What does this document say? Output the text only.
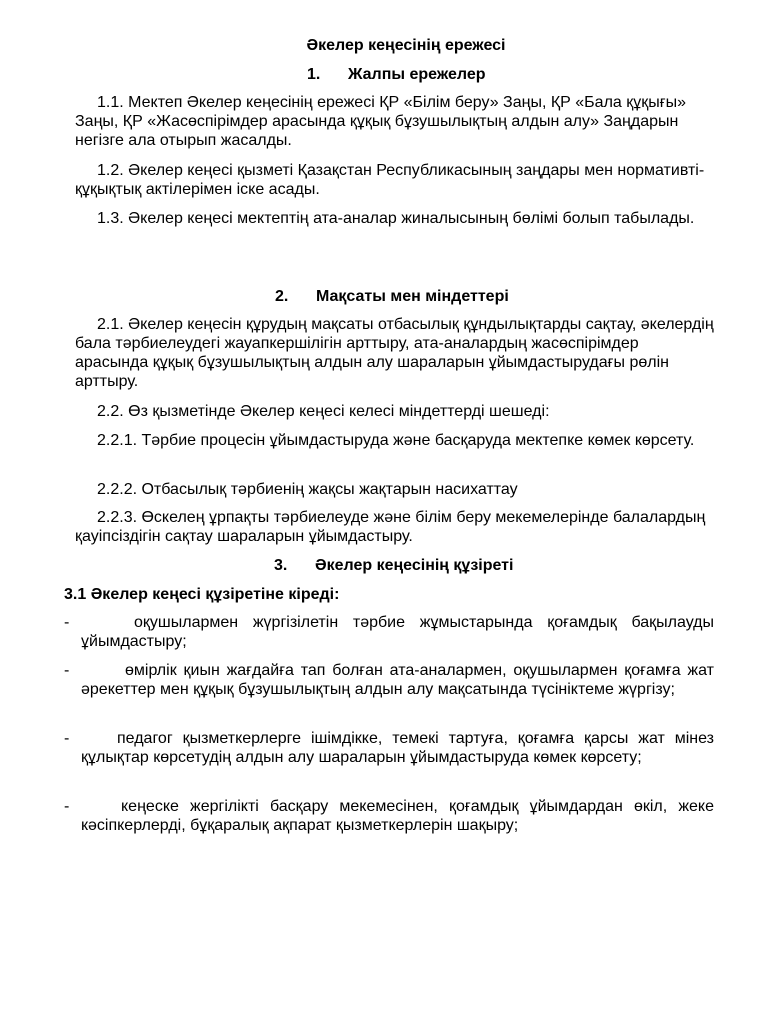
Әкелер кеңесінің ережесі
1. Жалпы ережелер
1.1. Мектеп Әкелер кеңесінің ережесі ҚР «Білім беру» Заңы, ҚР «Бала құқығы» Заңы, ҚР «Жасөспірімдер арасында құқық бұзушылықтың алдын алу» Заңдарын негізге ала отырып жасалды.
1.2. Әкелер кеңесі қызметі Қазақстан Республикасының заңдары мен нормативті-құқықтық актілерімен іске асады.
1.3. Әкелер кеңесі мектептің ата-аналар жиналысының бөлімі болып табылады.
2. Мақсаты мен міндеттері
2.1. Әкелер кеңесін құрудың мақсаты отбасылық құндылықтарды сақтау, әкелердің бала тәрбиелеудегі жауапкершілігін арттыру, ата-аналардың жасөспірімдер арасында құқық бұзушылықтың алдын алу шараларын ұйымдастырудағы рөлін арттыру.
2.2. Өз қызметінде Әкелер кеңесі келесі міндеттерді шешеді:
2.2.1. Тәрбие процесін ұйымдастыруда және басқаруда мектепке көмек көрсету.
2.2.2. Отбасылық тәрбиенің жақсы жақтарын насихаттау
2.2.3. Өскелең ұрпақты тәрбиелеуде және білім беру мекемелерінде балалардың қауіпсіздігін сақтау шараларын ұйымдастыру.
3. Әкелер кеңесінің құзіреті
3.1 Әкелер кеңесі құзіретіне кіреді:
-	оқушылармен жүргізілетін тәрбие жұмыстарында қоғамдық бақылауды ұйымдастыру;
-	өмірлік қиын жағдайға тап болған ата-аналармен, оқушылармен қоғамға жат әрекеттер мен құқық бұзушылықтың алдын алу мақсатында түсініктеме жүргізу;
-	педагог қызметкерлерге ішімдікке, темекі тартуға, қоғамға қарсы жат мінез құлықтар көрсетудің алдын алу шараларын ұйымдастыруда көмек көрсету;
-	кеңеске жергілікті басқару мекемесінен, қоғамдық ұйымдардан өкіл, жеке кәсіпкерлерді, бұқаралық ақпарат қызметкерлерін шақыру;
